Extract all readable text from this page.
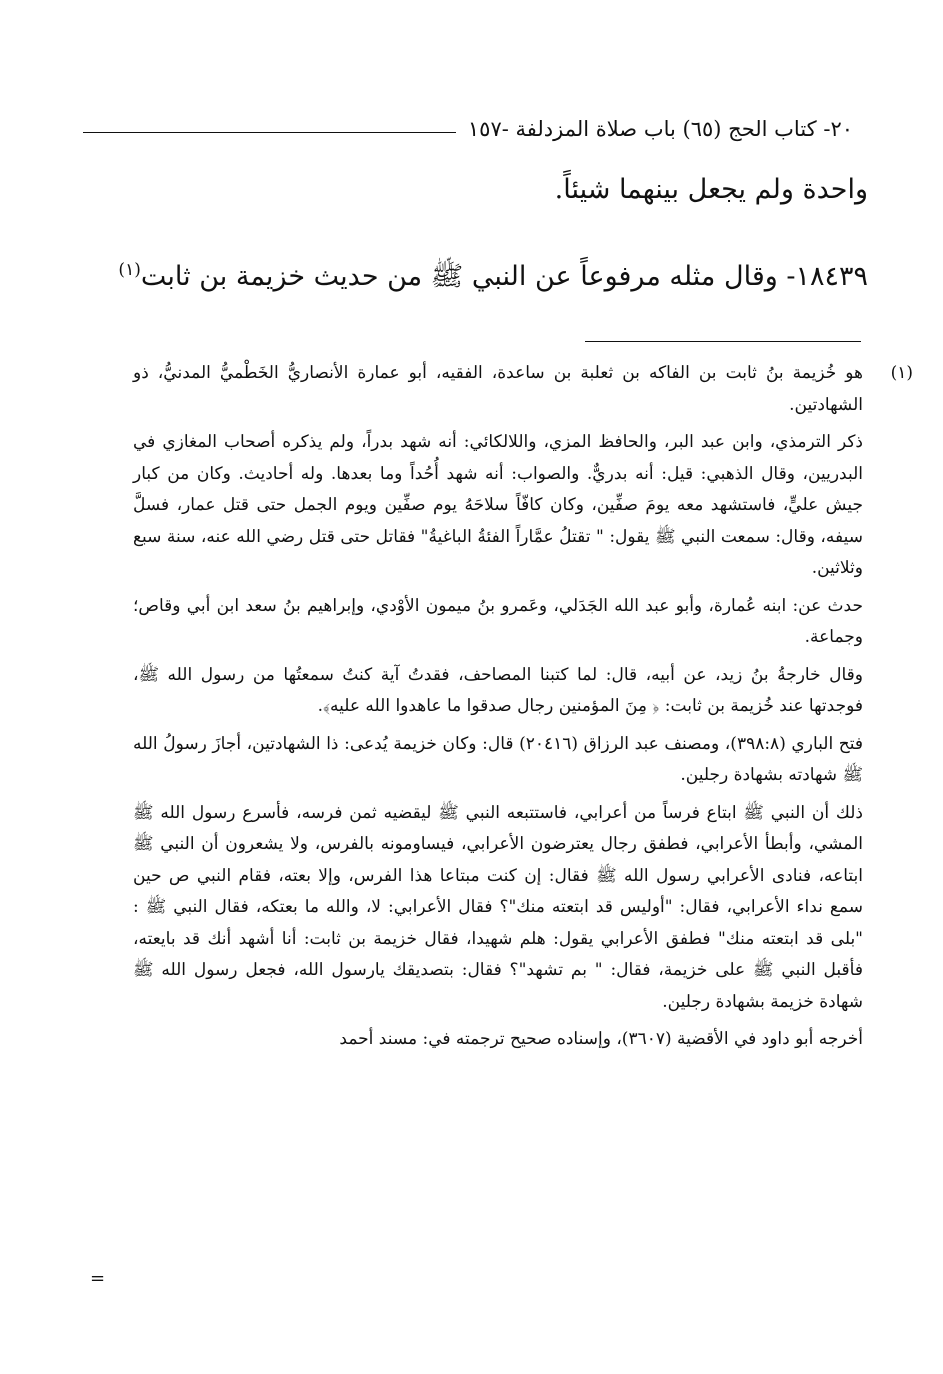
٢٠- كتاب الحج (٦٥) باب صلاة المزدلفة -١٥٧
واحدة ولم يجعل بينهما شيئاً.
١٨٤٣٩- وقال مثله مرفوعاً عن النبي ﷺ من حديث خزيمة بن ثابت$^{(١)}$
(١)

هو خُزيمة بنُ ثابت بن الفاكه بن ثعلبة بن ساعدة، الفقيه، أبو عمارة الأنصاريُّ الخَطْميُّ المدنيُّ، ذو الشهادتين.

ذكر الترمذي، وابن عبد البر، والحافظ المزي، واللالكائي: أنه شهد بدراً، ولم يذكره أصحاب المغازي في البدريين، وقال الذهبي: قيل: أنه بدريٌّ. والصواب: أنه شهد أُحُداً وما بعدها. وله أحاديث. وكان من كبار جيش عليٍّ، فاستشهد معه يومَ صفِّين، وكان كافّاً سلاحَهُ يوم صفِّين ويوم الجمل حتى قتل عمار، فسلَّ سيفه، وقال: سمعت النبي ﷺ يقول: " تقتلُ عمَّاراً الفئةُ الباغيةُ" فقاتل حتى قتل رضي الله عنه، سنة سبع وثلاثين.

حدث عن: ابنه عُمارة، وأبو عبد الله الجَدَلي، وعَمرو بنُ ميمون الأوْدي، وإبراهيم بنُ سعد ابن أبي وقاص؛ وجماعة.

وقال خارجةُ بنُ زيد، عن أبيه، قال: لما كتبنا المصاحف، فقدتُ آية كنتُ سمعتُها من رسول الله ﷺ، فوجدتها عند خُزيمة بن ثابت: ﴿ مِنَ المؤمنين رجال صدقوا ما عاهدوا الله عليه﴾.

فتح الباري (٣٩٨:٨)، ومصنف عبد الرزاق (٢٠٤١٦) قال: وكان خزيمة يُدعى: ذا الشهادتين، أجازَ رسولُ الله ﷺ شهادته بشهادة رجلين.

ذلك أن النبي ﷺ ابتاع فرساً من أعرابي، فاستتبعه النبي ﷺ ليقضيه ثمن فرسه، فأسرع رسول الله ﷺ المشي، وأبطأ الأعرابي، فطفق رجال يعترضون الأعرابي، فيساومونه بالفرس، ولا يشعرون أن النبي ﷺ ابتاعه، فنادى الأعرابي رسول الله ﷺ فقال: إن كنت مبتاعا هذا الفرس، وإلا بعته، فقام النبي ص حين سمع نداء الأعرابي، فقال: "أوليس قد ابتعته منك"؟ فقال الأعرابي: لا، والله ما بعتكه، فقال النبي ﷺ : "بلى قد ابتعته منك" فطفق الأعرابي يقول: هلم شهيدا، فقال خزيمة بن ثابت: أنا أشهد أنك قد بايعته، فأقبل النبي ﷺ على خزيمة، فقال: " بم تشهد"؟ فقال: بتصديقك يارسول الله، فجعل رسول الله ﷺ شهادة خزيمة بشهادة رجلين.

أخرجه أبو داود في الأقضية (٣٦٠٧)، وإسناده صحيح ترجمته في: مسند أحمد

=
